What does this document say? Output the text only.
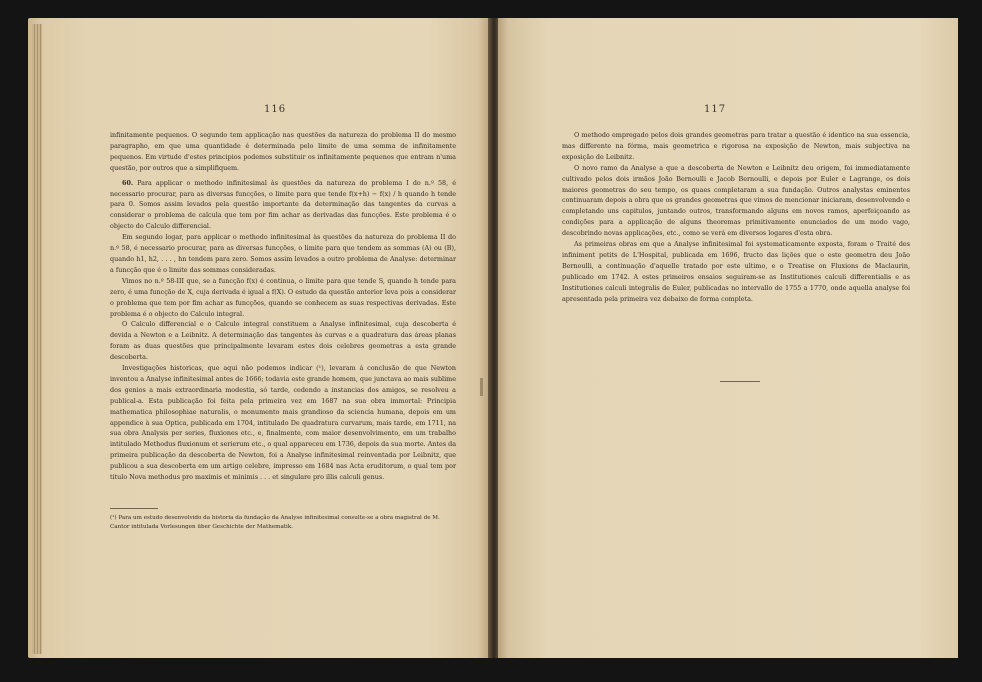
116

infinitamente pequenos. O segundo tem applicação nas questões da natureza do problema II do mesmo paragrapho, em que uma quantidade é determinada pelo limite de uma somma de infinitamente pequenos. Em virtude d'estes principios podemos substituir os infinitamente pequenos que entram n'uma questão, por outros que a simplifiquem.

60. Para applicar o methodo infinitesimal às questões da natureza do problema I do n.º 58, é necessario procurar, para as diversas funcções, o limite para que tende f(x+h) − f(x) / h quando h tende para 0. Somos assim levados pela questão importante da determinação das tangentes da curvas a considerar o problema de calcula que tem por fim achar as derivadas das funcções. Este problema é o objecto do Calculo differencial.

Em segundo logar, para applicar o methodo infinitesimal às questões da natureza do problema II do n.º 58, é necessario procurar, para as diversas funcções, o limite para que tendem as sommas (A) ou (B), quando h1, h2, . . . , hn tendem para zero. Somos assim levados a outro problema de Analyse: determinar a funcção que é o limite das sommas consideradas.

Vimos no n.º 58-III que, se a funcção f(x) é continua, o limite para que tende S, quando h tende para zero, é uma funcção de X, cuja derivada é igual a f(X). O estudo da questão anterior leva pois a considerar o problema que tem por fim achar as funcções, quando se conhecem as suas respectivas derivadas. Este problema é o objecto do Calculo integral.

O Calculo differencial e o Calculo integral constituem a Analyse infinitesimal, cuja descoberta é devida a Newton e a Leibnitz. A determinação das tangentes às curvas e a quadratura das áreas planas foram as duas questões que principalmente levaram estes dois celebres geometras a esta grande descoberta.

Investigações historicas, que aqui não podemos indicar (¹), levaram á conclusão de que Newton inventou a Analyse infinitesimal antes de 1666; todavia este grande homem, que junctava ao mais sublime dos genios a mais extraordinaria modestia, só tarde, cedendo a instancias dos amigos, se resolveu a publical-a. Esta publicação foi feita pela primeira vez em 1687 na sua obra immortal: Principia mathematica philosophiae naturalis, o monumento mais grandioso da sciencia humana, depois em um appendice à sua Optica, publicada em 1704, intitulado De quadratura curvarum, mais tarde, em 1711, na sua obra Analysis per series, fluxiones etc., e, finalmente, com maior desenvolvimento, em um trabalho intitulado Methodus fluxionum et serierum etc., o qual appareceu em 1736, depois da sua morte. Antes da primeira publicação da descoberta de Newton, foi a Analyse infinitesimal reinventada por Leibnitz, que publicou a sua descoberta em um artigo celebre, impresso em 1684 nas Acta eruditorum, o qual tem por titulo Nova methodus pro maximis et minimis . . . et singulare pro illis calculi genus.

(¹) Para um estudo desenvolvido da historia da fundação da Analyse infinitesimal consulte-se a obra magistral de M. Cantor intitulada Vorlesungen über Geschichte der Mathematik.
117

O methodo empregado pelos dois grandes geometras para tratar a questão é identico na sua essencia, mas differente na fórma, mais geometrica e rigorosa na exposição de Newton, mais subjectiva na exposição de Leibnitz.

O novo ramo da Analyse a que a descoberta de Newton e Leibnitz deu origem, foi immediatamente cultivado pelos dois irmãos João Bernoulli e Jacob Bernoulli, e depois por Euler e Lagrange, os dois maiores geometras do seu tempo, os quaes completaram a sua fundação. Outros analystas eminentes continuaram depois a obra que os grandes geometras que vimos de mencionar iniciaram, desenvolvendo e completando uns capitulos, juntando outros, transformando alguns em novos ramos, aperfeiçoando as condições para a applicação de alguns theoremas primitivamente enunciados de um modo vago, descobrindo novas applicações, etc., como se verá em diversos logares d'esta obra.

As primeiras obras em que a Analyse infinitesimal foi systematicamente exposta, foram o Traité des infiniment petits de L'Hospital, publicada em 1696, fructo das lições que o este geometra deu João Bernoulli, a continuação d'aquelle tratado por este ultimo, e o Treatise on Fluxions de Maclaurin, publicado em 1742. A estes primeiros ensaios seguiram-se as Institutiones calculi differentialis e as Institutiones calculi integralis de Euler, publicadas no intervallo de 1755 a 1770, onde aquella analyse foi apresentada pela primeira vez debaixo de forma completa.
